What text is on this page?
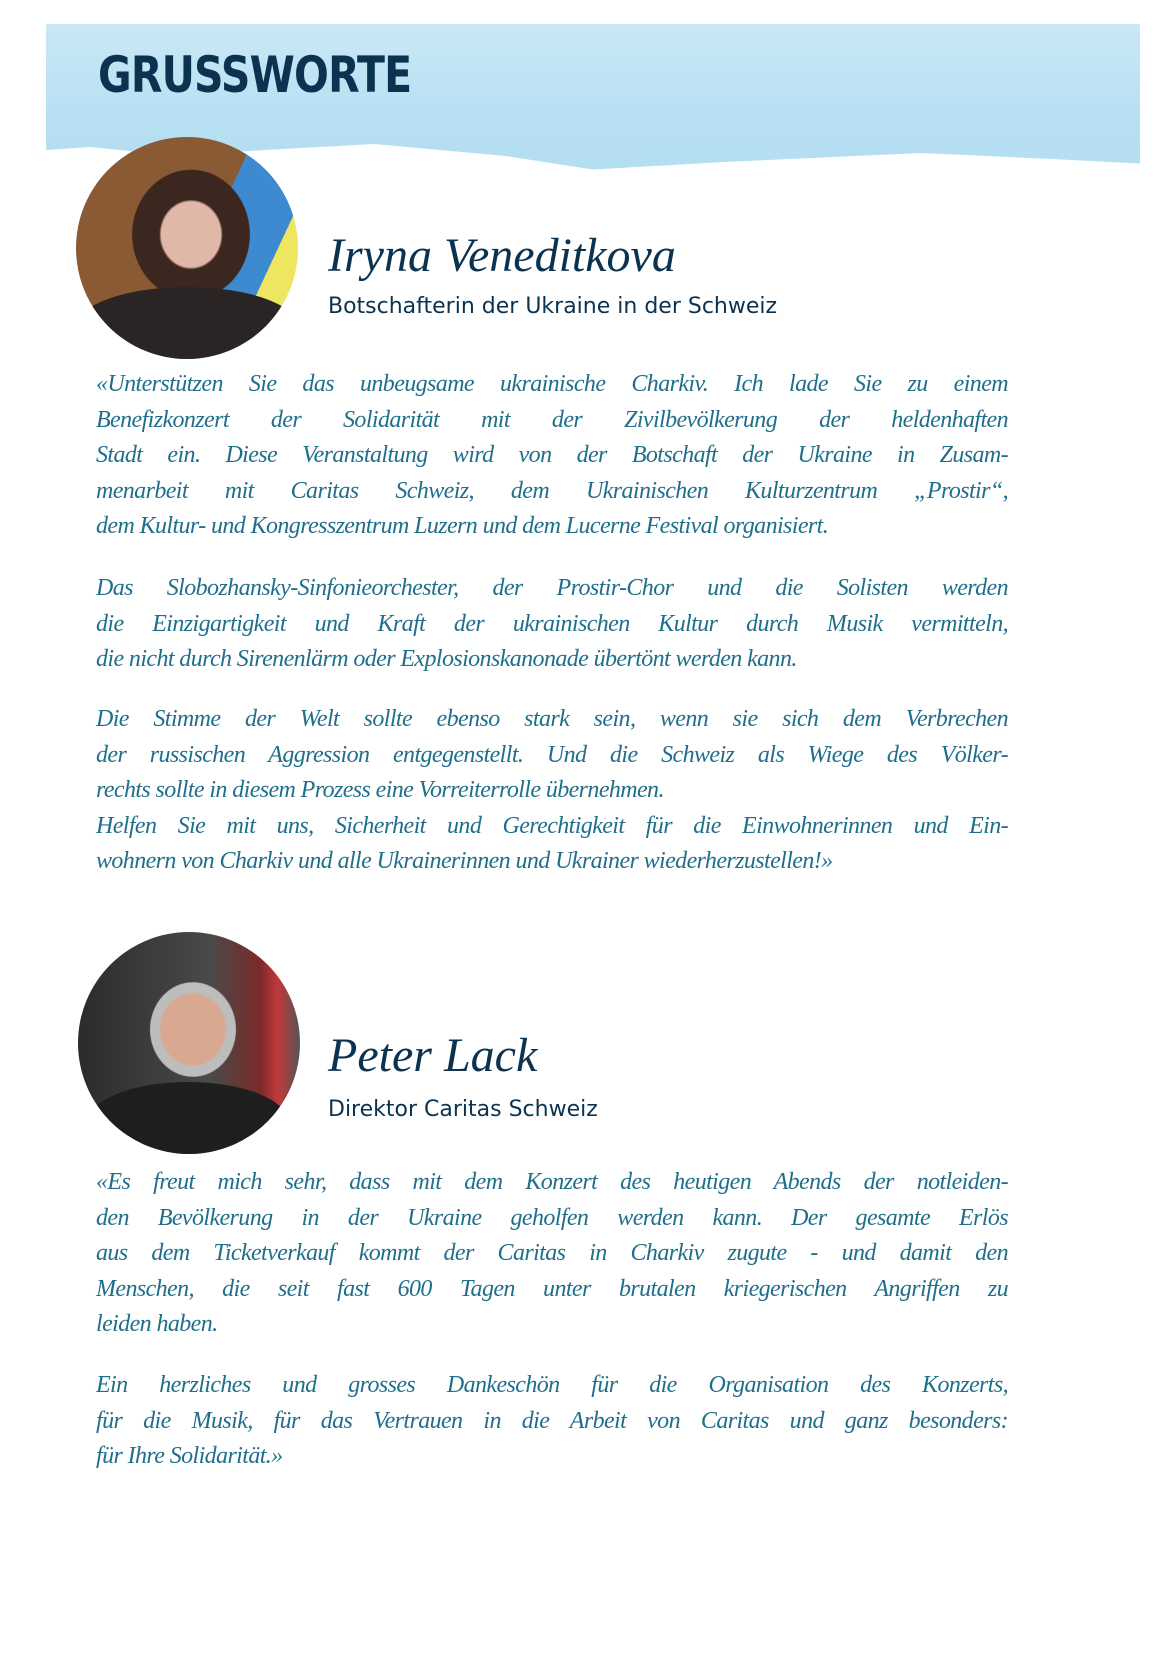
GRUSSWORTE
Iryna Veneditkova

Botschafterin der Ukraine in der Schweiz

«Unterstützen Sie das unbeugsame ukrainische Charkiv. Ich lade Sie zu einem
Benefizkonzert der Solidarität mit der Zivilbevölkerung der heldenhaften
Stadt ein. Diese Veranstaltung wird von der Botschaft der Ukraine in Zusam-
menarbeit mit Caritas Schweiz, dem Ukrainischen Kulturzentrum „Prostir“,
dem Kultur- und Kongresszentrum Luzern und dem Lucerne Festival organisiert.
Das Slobozhansky-Sinfonieorchester, der Prostir-Chor und die Solisten werden
die Einzigartigkeit und Kraft der ukrainischen Kultur durch Musik vermitteln,
die nicht durch Sirenenlärm oder Explosionskanonade übertönt werden kann.
Die Stimme der Welt sollte ebenso stark sein, wenn sie sich dem Verbrechen
der russischen Aggression entgegenstellt. Und die Schweiz als Wiege des Völker-
rechts sollte in diesem Prozess eine Vorreiterrolle übernehmen.
Helfen Sie mit uns, Sicherheit und Gerechtigkeit für die Einwohnerinnen und Ein-
wohnern von Charkiv und alle Ukrainerinnen und Ukrainer wiederherzustellen!»
Peter Lack

Direktor Caritas Schweiz

«Es freut mich sehr, dass mit dem Konzert des heutigen Abends der notleiden-
den Bevölkerung in der Ukraine geholfen werden kann. Der gesamte Erlös
aus dem Ticketverkauf kommt der Caritas in Charkiv zugute - und damit den
Menschen, die seit fast 600 Tagen unter brutalen kriegerischen Angriffen zu
leiden haben.
Ein herzliches und grosses Dankeschön für die Organisation des Konzerts,
für die Musik, für das Vertrauen in die Arbeit von Caritas und ganz besonders:
für Ihre Solidarität.»
